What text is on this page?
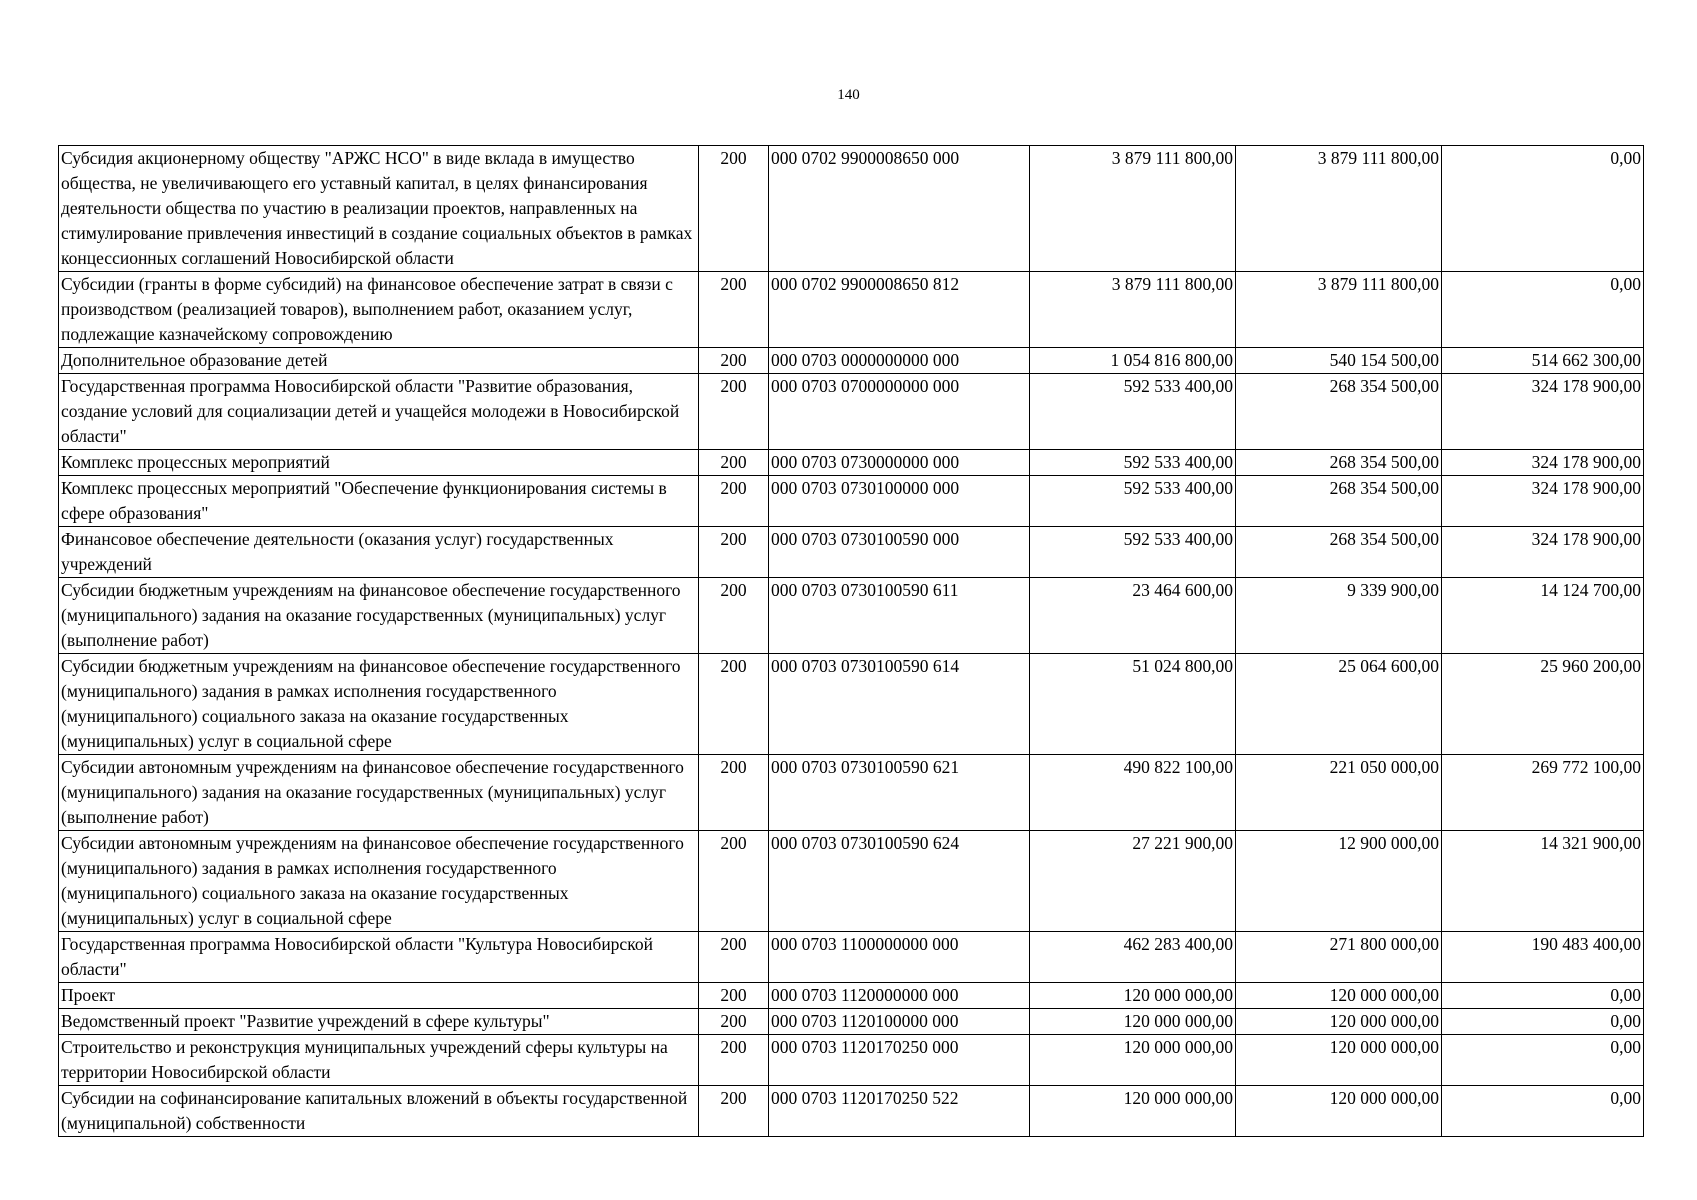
140
Субсидия акционерному обществу "АРЖС НСО" в виде вклада в имущество общества, не увеличивающего его уставный капитал, в целях финансирования деятельности общества по участию в реализации проектов, направленных на стимулирование привлечения инвестиций в создание социальных объектов в рамках концессионных соглашений Новосибирской области	200	000 0702 9900008650 000	3 879 111 800,00	3 879 111 800,00	0,00
Субсидии (гранты в форме субсидий) на финансовое обеспечение затрат в связи с производством (реализацией товаров), выполнением работ, оказанием услуг, подлежащие казначейскому сопровождению	200	000 0702 9900008650 812	3 879 111 800,00	3 879 111 800,00	0,00
Дополнительное образование детей	200	000 0703 0000000000 000	1 054 816 800,00	540 154 500,00	514 662 300,00
Государственная программа Новосибирской области "Развитие образования, создание условий для социализации детей и учащейся молодежи в Новосибирской области"	200	000 0703 0700000000 000	592 533 400,00	268 354 500,00	324 178 900,00
Комплекс процессных мероприятий	200	000 0703 0730000000 000	592 533 400,00	268 354 500,00	324 178 900,00
Комплекс процессных мероприятий "Обеспечение функционирования системы в сфере образования"	200	000 0703 0730100000 000	592 533 400,00	268 354 500,00	324 178 900,00
Финансовое обеспечение деятельности (оказания услуг) государственных учреждений	200	000 0703 0730100590 000	592 533 400,00	268 354 500,00	324 178 900,00
Субсидии бюджетным учреждениям на финансовое обеспечение государственного (муниципального) задания на оказание государственных (муниципальных) услуг (выполнение работ)	200	000 0703 0730100590 611	23 464 600,00	9 339 900,00	14 124 700,00
Субсидии бюджетным учреждениям на финансовое обеспечение государственного (муниципального) задания в рамках исполнения государственного (муниципального) социального заказа на оказание государственных (муниципальных) услуг в социальной сфере	200	000 0703 0730100590 614	51 024 800,00	25 064 600,00	25 960 200,00
Субсидии автономным учреждениям на финансовое обеспечение государственного (муниципального) задания на оказание государственных (муниципальных) услуг (выполнение работ)	200	000 0703 0730100590 621	490 822 100,00	221 050 000,00	269 772 100,00
Субсидии автономным учреждениям на финансовое обеспечение государственного (муниципального) задания в рамках исполнения государственного (муниципального) социального заказа на оказание государственных (муниципальных) услуг в социальной сфере	200	000 0703 0730100590 624	27 221 900,00	12 900 000,00	14 321 900,00
Государственная программа Новосибирской области "Культура Новосибирской области"	200	000 0703 1100000000 000	462 283 400,00	271 800 000,00	190 483 400,00
Проект	200	000 0703 1120000000 000	120 000 000,00	120 000 000,00	0,00
Ведомственный проект "Развитие учреждений в сфере культуры"	200	000 0703 1120100000 000	120 000 000,00	120 000 000,00	0,00
Строительство и реконструкция муниципальных учреждений сферы культуры на территории Новосибирской области	200	000 0703 1120170250 000	120 000 000,00	120 000 000,00	0,00
Субсидии на софинансирование капитальных вложений в объекты государственной (муниципальной) собственности	200	000 0703 1120170250 522	120 000 000,00	120 000 000,00	0,00
